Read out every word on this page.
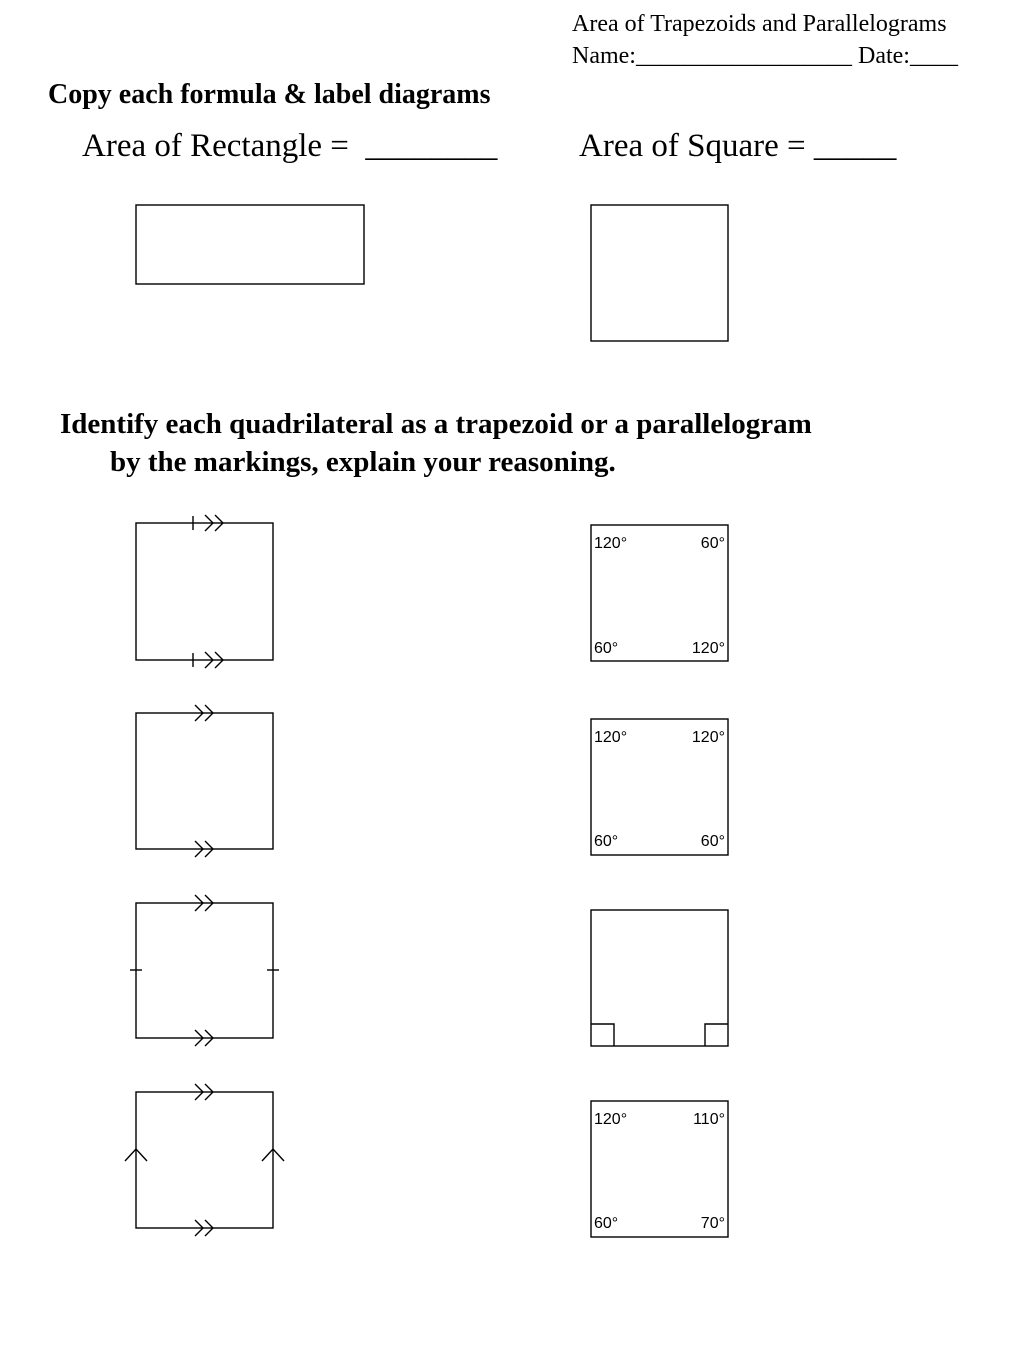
Area of Trapezoids and Parallelograms
Name:__________________ Date:____
Copy each formula & label diagrams
Area of Rectangle =  ________ Area of Square = _____
Identify each quadrilateral as a trapezoid or a parallelogram
by the markings, explain your reasoning.
120°	60°
60°	120°
120°	120°
60°	60°
120°	110°
60°	70°
